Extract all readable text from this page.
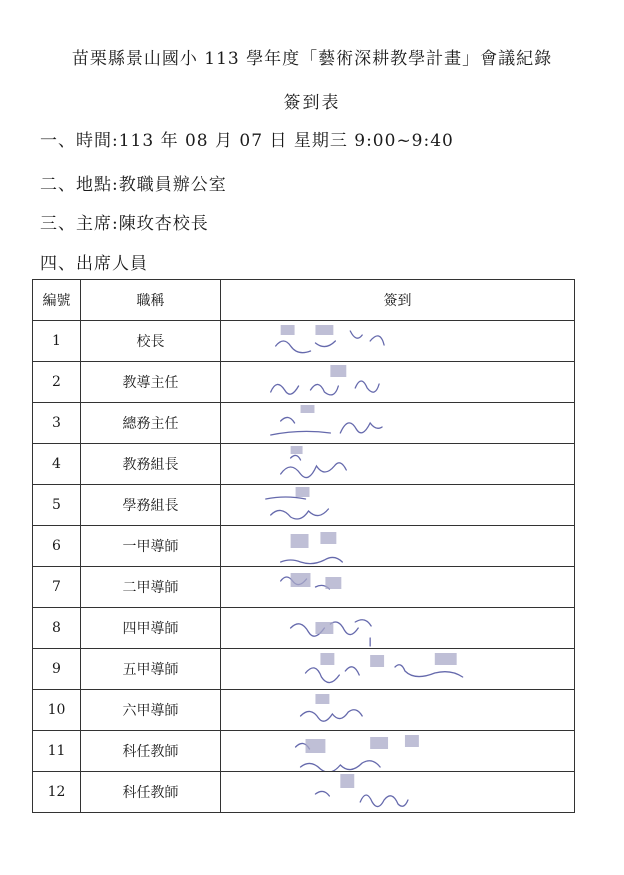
苗栗縣景山國小 113 學年度「藝術深耕教學計畫」會議紀錄
簽到表
一、時間:113 年 08 月 07 日 星期三 9:00~9:40
二、地點:教職員辦公室
三、主席:陳玫杏校長
四、出席人員
編號	職稱	簽到
1	校長	

2	教導主任	

3	總務主任	

4	教務組長	

5	學務組長	

6	一甲導師	

7	二甲導師	

8	四甲導師	

9	五甲導師	

10	六甲導師	

11	科任教師	

12	科任教師	
